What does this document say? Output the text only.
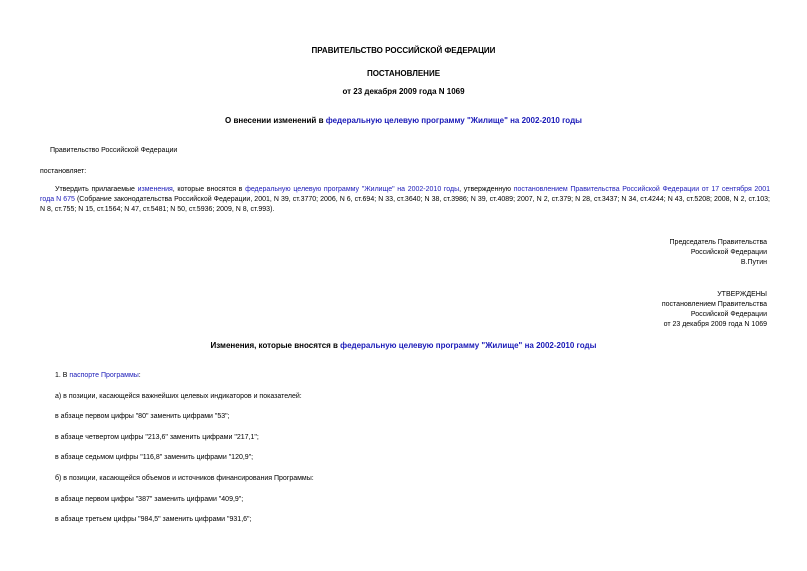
ПРАВИТЕЛЬСТВО РОССИЙСКОЙ ФЕДЕРАЦИИ
ПОСТАНОВЛЕНИЕ
от 23 декабря 2009 года N 1069
О внесении изменений в федеральную целевую программу "Жилище" на 2002-2010 годы
Правительство Российской Федерации
постановляет:
Утвердить прилагаемые изменения, которые вносятся в федеральную целевую программу "Жилище" на 2002-2010 годы, утвержденную постановлением Правительства Российской Федерации от 17 сентября 2001 года N 675 (Собрание законодательства Российской Федерации, 2001, N 39, ст.3770; 2006, N 6, ст.694; N 33, ст.3640; N 38, ст.3986; N 39, ст.4089; 2007, N 2, ст.379; N 28, ст.3437; N 34, ст.4244; N 43, ст.5208; 2008, N 2, ст.103; N 8, ст.755; N 15, ст.1564; N 47, ст.5481; N 50, ст.5936; 2009, N 8, ст.993).
Председатель Правительства
Российской Федерации
В.Путин
УТВЕРЖДЕНЫ
постановлением Правительства
Российской Федерации
от 23 декабря 2009 года N 1069
Изменения, которые вносятся в федеральную целевую программу "Жилище" на 2002-2010 годы
1. В паспорте Программы:
а) в позиции, касающейся важнейших целевых индикаторов и показателей:
в абзаце первом цифры "80" заменить цифрами "53";
в абзаце четвертом цифры "213,6" заменить цифрами "217,1";
в абзаце седьмом цифры "116,8" заменить цифрами "120,9";
б) в позиции, касающейся объемов и источников финансирования Программы:
в абзаце первом цифры "387" заменить цифрами "409,9";
в абзаце третьем цифры "984,5" заменить цифрами "931,6";
